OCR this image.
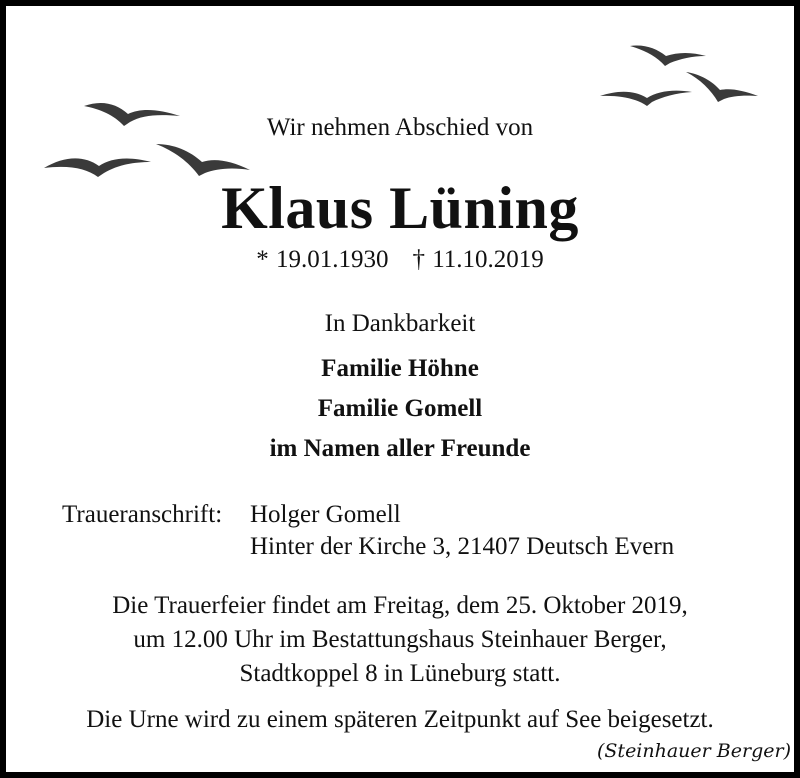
Wir nehmen Abschied von
Klaus Lüning
* 19.01.1930 † 11.10.2019
In Dankbarkeit
Familie Höhne
Familie Gomell
im Namen aller Freunde
Traueranschrift: Holger Gomell
Hinter der Kirche 3, 21407 Deutsch Evern
Die Trauerfeier findet am Freitag, dem 25. Oktober 2019,
um 12.00 Uhr im Bestattungshaus Steinhauer Berger,
Stadtkoppel 8 in Lüneburg statt.
Die Urne wird zu einem späteren Zeitpunkt auf See beigesetzt.
(Steinhauer Berger)
